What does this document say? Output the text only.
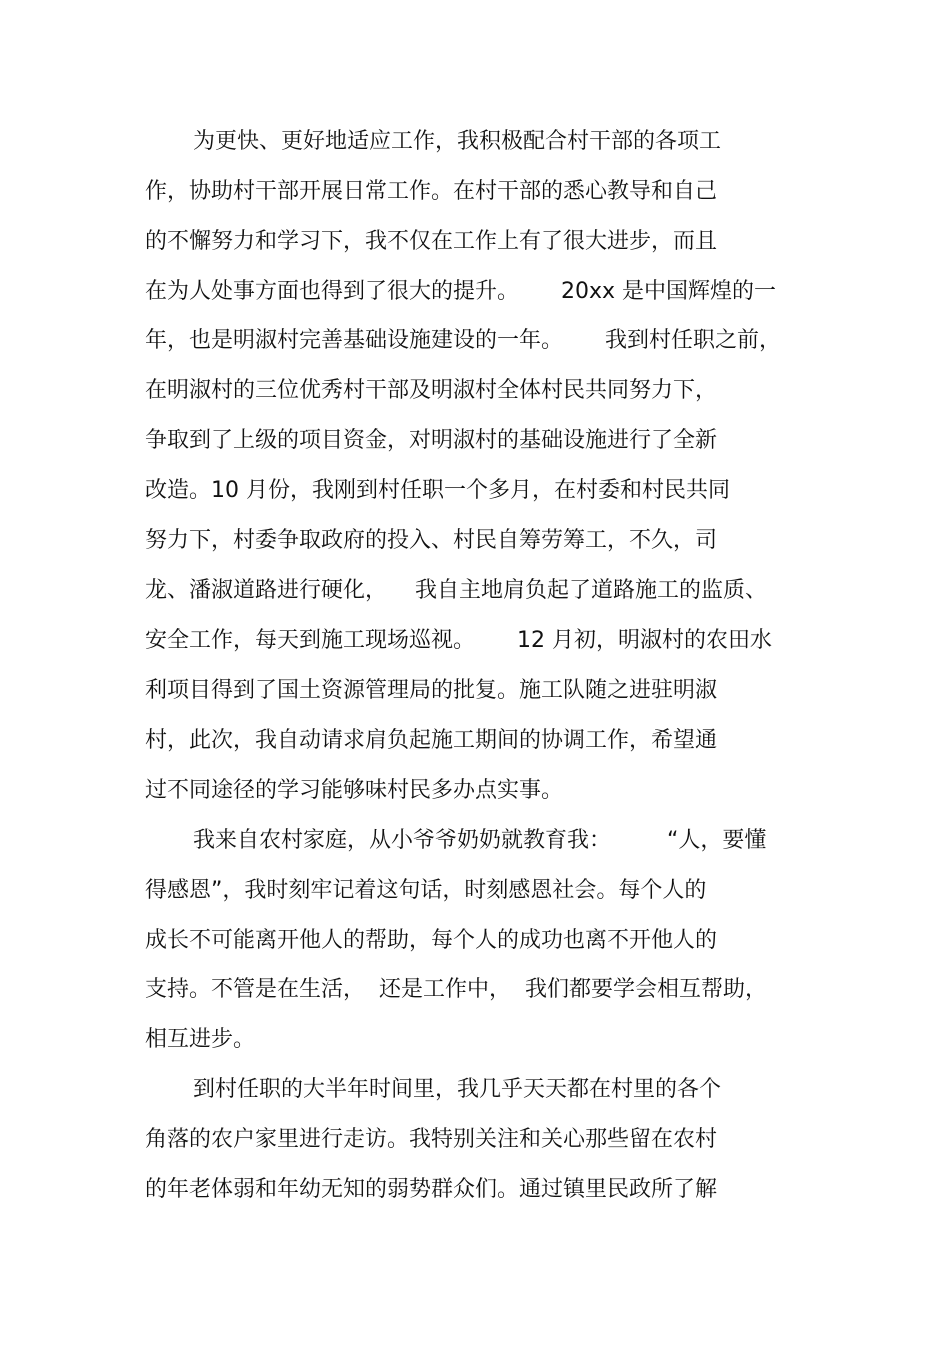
为更快、更好地适应工作，我积极配合村干部的各项工

作，协助村干部开展日常工作。在村干部的悉心教导和自己

的不懈努力和学习下，我不仅在工作上有了很大进步，而且

在为人处事方面也得到了很大的提升。      20xx 是中国辉煌的一

年，也是明淑村完善基础设施建设的一年。      我到村任职之前，

在明淑村的三位优秀村干部及明淑村全体村民共同努力下，

争取到了上级的项目资金，对明淑村的基础设施进行了全新

改造。10 月份，我刚到村任职一个多月，在村委和村民共同

努力下，村委争取政府的投入、村民自筹劳筹工，不久，司

龙、潘淑道路进行硬化，    我自主地肩负起了道路施工的监质、

安全工作，每天到施工现场巡视。      12 月初，明淑村的农田水

利项目得到了国土资源管理局的批复。施工队随之进驻明淑

村，此次，我自动请求肩负起施工期间的协调工作，希望通

过不同途径的学习能够味村民多办点实事。

我来自农村家庭，从小爷爷奶奶就教育我：        “人，要懂

得感恩”，我时刻牢记着这句话，时刻感恩社会。每个人的

成长不可能离开他人的帮助，每个人的成功也离不开他人的

支持。不管是在生活，  还是工作中，  我们都要学会相互帮助，

相互进步。

到村任职的大半年时间里，我几乎天天都在村里的各个

角落的农户家里进行走访。我特别关注和关心那些留在农村

的年老体弱和年幼无知的弱势群众们。通过镇里民政所了解
